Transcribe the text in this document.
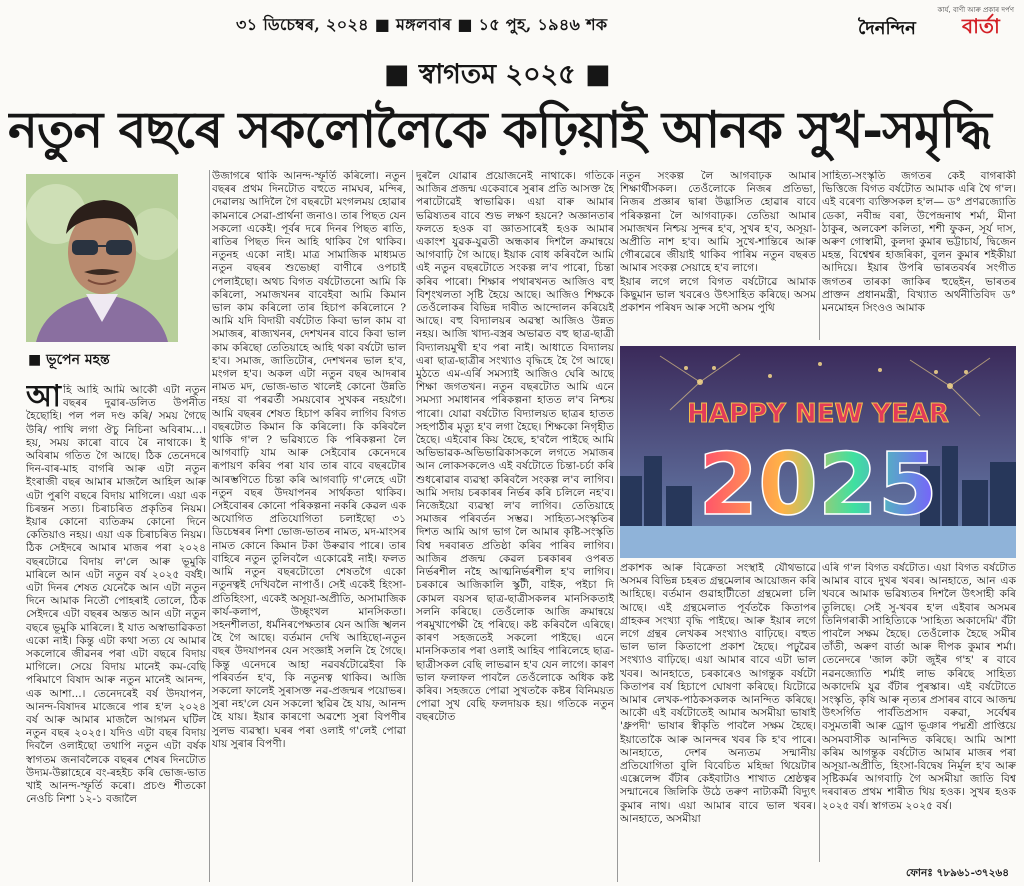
৩১ ডিচেম্বৰ, ২০২৪ ■ মঙ্গলবাৰ ■ ১৫ পুহ, ১৯৪৬ শক
কাৰ্য, বাণী আৰু প্ৰকাৰ দৰ্পণ
দৈনন্দিন বাৰ্তা
■ স্বাগতম ২০২৫ ■
নতুন বছৰে সকলোলৈকে কঢ়িয়াই আনক সুখ-সমৃদ্ধি
■ ভূপেন মহন্ত
আ হি আহি আমি আকৌ এটা নতুন বছৰৰ দুৱাৰ-ডলিত উপনীত হৈছোহি। পল পল দণ্ড কৰি/ সময় গৈছে উৰি/ পাখি লগা ঔচু নিচিনা অবিৰাম...। হয়, সময় কাৰো বাবে ৰৈ নাথাকে। ই অবিৰাম গতিত গৈ আছে। ঠিক তেনেদৰে দিন-বাৰ-মাহ বাগৰি আৰু এটা নতুন ইংৰাজী বছৰ আমাৰ মাজলৈ আহিল আৰু এটা পুৰণি বছৰে বিদায় মাগিলে। এয়া এক চিৰন্তন সত্য। চিৰাচৰিত প্ৰকৃতিৰ নিয়ম। ইয়াৰ কোনো ব্যতিক্ৰম কোনো দিনে কেতিয়াও নহয়। এয়া এক চিৰাচৰিত নিয়ম। ঠিক সেইদৰে আমাৰ মাজৰ পৰা ২০২৪ বছৰটোৱে বিদায় ল'লে আৰু ভূমুকি মাৰিলে আন এটা নতুন বৰ্ষ ২০২৫ বৰ্ষই। এটা দিনৰ শেষত যেনেকৈ আন এটা নতুন দিনে আমাক নিতৌ পোহৰাই তোলে, ঠিক সেইদৰে এটা বছৰৰ অন্তত আন এটা নতুন বছৰে ভূমুকি মাৰিলে। ই যাত অস্বাভাৱিকতা একো নাই। কিন্তু এটা কথা সত্য যে আমাৰ সকলোৰে জীৱনৰ পৰা এটা বছৰে বিদায় মাগিলে। সেয়ে বিদায় মানেই কম-বেছি পৰিমাণে বিষাদ আৰু নতুন মানেই আনন্দ, এক আশা...। তেনেদৰেই বৰ্ষ উদযাপন, আনন্দ-বিষাদৰ মাজেৰে পাৰ হ'ল ২০২৪ বৰ্ষ আৰু আমাৰ মাজলৈ আগমন ঘটিল নতুন বছৰ ২০২৫। যদিও এটা বছৰ বিদায় দিবলৈ ওলাইছো তথাপি নতুন এটা বৰ্ষক স্বাগতম জনাবলৈকে বছৰৰ শেষৰ দিনটোত উদ্যম-উল্লাহেৰে বং-ৰহইচ কৰি ভোজ-ভাত খাই আনন্দ-স্ফূৰ্তি কৰো। প্ৰচণ্ড শীতকো নেওচি নিশা ১২-১ বজালৈ
উজাগৰে থাকি আনন্দ-স্ফূৰ্তি কৰিলো। নতুন বছৰৰ প্ৰথম দিনটোত বহুতে নামঘৰ, মন্দিৰ, দেৱালয় আদিলৈ গৈ বছৰটো মংগলময় হোৱাৰ কামনাৰে সেৱা-প্ৰাৰ্থনা জনাও। তাৰ পিছত যেন সকলো একেই। পূৰ্বৰ দৰে দিনৰ পিছত ৰাতি, ৰাতিৰ পিছত দিন আহি থাকিব গৈ থাকিব। নতুনহ একো নাই। মাত্ৰ সামাজিক মাধ্যমত নতুন বছৰৰ শুভেচ্ছা বাণীৰে ওপচাই পেলাইছো। অথচ বিগত বৰ্ষটোতনো আমি কি কৰিলো, সমাজখনৰ বাবেইবা আমি কিমান ভাল কাম কৰিলো তাৰ হিচাপ কৰিলোনে ? আমি যদি বিদায়ী বৰ্ষটোত কিবা ভাল কাম বা সমাজৰ, ৰাজ্যখনৰ, দেশখনৰ বাবে কিবা ভাল কাম কৰিছো তেতিয়াহে আহি থকা বৰ্ষটো ভাল হ'ব। সমাজ, জাতিটোৰ, দেশখনৰ ভাল হ'ব, মংগল হ'ব। অকল এটা নতুন বছৰ আদৰাৰ নামত মদ, ভোজ-ভাত খালেই কোনো উন্নতি নহয় বা পৰৱৰ্তী সময়বোৰ সুখকৰ নহয়গৈ। আমি বছৰৰ শেষত হিচাপ কৰিব লাগিব বিগত বছৰটোত কিমান কি কৰিলো। কি কৰিবলৈ থাকি গ'ল ? ভৱিষ্যতে কি পৰিকল্পনা লৈ আগবাঢ়ি যাম আৰু সেইবোৰ কেনেদৰে ৰূপায়ণ কৰিব পৰা যাব তাৰ বাবে বছৰটোৰ আৰম্ভণিতে চিন্তা কৰি আগবাঢ়ি গ'লেহে এটা নতুন বছৰ উদযাপনৰ সাৰ্থকতা থাকিব। সেইবোৰৰ কোনো পৰিকল্পনা নকৰি কেৱল এক অযোগিত প্ৰতিযোগিতা চলাইছো ৩১ ডিচেম্বৰৰ নিশা ভোজ-ভাতৰ নামত, মদ-মাংসৰ নামত কোনে কিমান টকা উৰুৱাব পাৰে। তাৰ বাহিৰে নতুন তুলিবলৈ একোৱেই নাই। ফলত আমি নতুন বছৰটোতো শেষতগৈ একো নতুনত্বই দেখিবলৈ নাপাওঁ। সেই একেই হিংসা-প্ৰতিহিংসা, একেই অসূয়া-অপ্ৰীতি, অসামাজিক কাৰ্য-কলাপ, উচ্ছৃংখল মানসিকতা। সহনশীলতা, ধৰ্মনিৰপেক্ষতাৰ যেন আজি স্খলন হৈ গৈ আছে। বৰ্তমান দেখি আহিছো-নতুন বছৰ উদযাপনৰ যেন সংজ্ঞাই সলনি হৈ গৈছে। কিন্তু এনেদৰে আহা নৱবৰ্ষটোৱেইবা কি পৰিবৰ্তন হ'ব, কি নতুনত্ব থাকিব। আজি সকলো ফালেই সুৰাসক্ত নৱ-প্ৰজন্মৰ পয়োভৰ। সুৰা নহ'লে যেন সকলো স্থৱিৰ হৈ যায়, আনন্দ হৈ যায়। ইয়াৰ কাৰণো অৱশ্যে সুৰা বিপণীৰ সুলভ ব্যৱস্থা। ঘৰৰ পৰা ওলাই গ'লেই পোৱা যায় সুৰাৰ বিপণী।
দুৰলৈ যোৱাৰ প্ৰয়োজনেই নাথাকে। গতিকে আজিৰ প্ৰজন্ম একেবাৰে সুৰাৰ প্ৰতি আসক্ত হৈ পৰাটোৱেই স্বাভাৱিক। এয়া বাৰু আমাৰ ভৱিষ্যতৰ বাবে শুভ লক্ষণ হয়নে? অজ্ঞানতাৰ ফলতে হওক বা জ্ঞাতসাৰেই হওক আমাৰ একাংশ যুৱক-যুৱতী অন্ধকাৰ দিশলৈ ক্ৰমান্বয়ে আগবাঢ়ি গৈ আছে। ইয়াক বোধ কৰিবলৈ আমি এই নতুন বছৰটোতে সংকল্প ল'ব পাৰো, চিন্তা কৰিব পাৰো। শিক্ষাৰ পথাৰখনত আজিও বহু বিশৃংখলতা সৃষ্টি হৈয়ে আছে। আজিও শিক্ষকে তেওঁলোকৰ বিভিন্ন দাবীত আন্দোলন কৰিয়েই আছে। বহু বিদ্যালয়ৰ অৱস্থা আজিও উন্নত নহয়। আজি খাদ্য-বস্ত্ৰৰ অভাৱত বহু ছাত্ৰ-ছাত্ৰী বিদ্যালয়মুখী হ'ব পৰা নাই। আধাতে বিদ্যালয় এৰা ছাত্ৰ-ছাত্ৰীৰ সংখ্যাও বৃদ্ধিহে হৈ গৈ আছে। মুঠতে এম-এৰ্ৰি সমস্যাই আজিও ঘেৰি আছে শিক্ষা জগতখন। নতুন বছৰটোত আমি এনে সমস্যা সমাধানৰ পৰিকল্পনা হাতত ল'ব নিশ্চয় পাৰো। যোৱা বৰ্ষটোত বিদ্যালয়ত ছাত্ৰৰ হাতত সহপাঠীৰ মৃত্যু হ'ব লগা হৈছে। শিক্ষকো নিগৃহীত হৈছে। এইবোৰ কিয় হৈছে, হ'বলৈ পাইছে আমি অভিভাৱক-অভিভাৱিকাসকলে লগতে সমাজৰ আন লোকসকলেও এই বৰ্ষটোতে চিন্তা-চৰ্চা কৰি শুধৰোৱাৰ ব্যৱস্থা কৰিবলৈ সংকল্প ল'ব লাগিব। আমি সদায় চৰকাৰৰ নিৰ্ভৰ কৰি চলিলে নহ'ব। নিজেইয়ো ব্যৱস্থা ল'ব লাগিব। তেতিয়াহে সমাজৰ পৰিবৰ্তন সম্ভৱ। সাহিত্য-সংস্কৃতিৰ দিশত আমি আগ ভাগ লৈ আমাৰ কৃষ্টি-সংস্কৃতি বিশ্ব দৰবাৰত প্ৰতিষ্ঠা কৰিব পাৰিব লাগিব। আজিৰ প্ৰজন্ম কেৱল চৰকাৰৰ ওপৰত নিৰ্ভৰশীল নহৈ আত্মনিৰ্ভৰশীল হ'ব লাগিব। চৰকাৰে আজিকালি স্কুটী, বাইক, পইচা দি কোমল বয়সৰ ছাত্ৰ-ছাত্ৰীসকলৰ মানসিকতাই সলনি কৰিছে। তেওঁলোক আজি ক্ৰমান্বয়ে পৰমুখাপেক্ষী হৈ পৰিছে। কষ্ট কৰিবলৈ এৰিছে। কাৰণ সহজতেই সকলো পাইছে। এনে মানসিকতাৰ পৰা ওলাই আহিব পাৰিলেহে ছাত্ৰ-ছাত্ৰীসকল বেছি লাভৱান হ'ব যেন লাগে। কাৰণ ভাল ফলাফল পাবলৈ তেওঁলোকে অধিক কষ্ট কৰিব। সহজতে পোৱা সুখতকৈ কষ্টৰ বিনিময়ত পোৱা সুখ বেছি ফলদায়ক হয়। গতিকে নতুন বছৰটোত
নতুন সংকল্প লৈ আগবাঢ়ক আমাৰ শিক্ষাৰ্থীসকল। তেওঁলোকে নিজৰ প্ৰতিভা, নিজৰ প্ৰজ্ঞাৰ দ্বাৰা উদ্ভাসিত হোৱাৰ বাবে পৰিকল্পনা লৈ আগবাঢ়ক। তেতিয়া আমাৰ সমাজখন নিশ্চয় সুন্দৰ হ'ব, সুখৰ হ'ব, অসূয়া-অপ্ৰীতি নাশ হ'ব। আমি সুখে-শান্তিৰে আৰু গৌৰৱেৰে জীয়াই থাকিব পাৰিম নতুন বছৰত আমাৰ সংকল্প সেয়াহে হ'ব লাগে।
ইয়াৰ লগে লগে বিগত বৰ্ষটোৱে আমাক কিছুমান ভাল খবৰেও উৎসাহিত কৰিছে। অসম প্ৰকাশন পৰিষদ আৰু সদৌ অসম পুথি
সাহিত্য-সংস্কৃতি জগতৰ কেই বাগৰাকী ভিত্তিজে বিগত বৰ্ষটোত আমাক এৰি থৈ গ'ল। এই বৰেণ্য ব্যক্তিসকল হ'ল— ড° প্ৰণৱজ্যোতি ডেকা, নবীন্দ্ৰ বৰা, উপেন্দ্ৰনাথ শৰ্মা, মীনা ঠাকুৰ, অলকেশ কলিতা, শশী ফুকন, সূৰ্য দাস, অৰুণ গোস্বামী, কুলদা কুমাৰ ভট্টাচাৰ্য, দ্বিজেন মহন্ত, বিশ্বেশ্বৰ হাজৰিকা, বুলন কুমাৰ শইকীয়া আদিয়ে। ইয়াৰ উপৰি ভাৰতবৰ্ষৰ সংগীত জগতৰ তাৰকা জাকিৰ হুছেইন, ভাৰতৰ প্ৰাক্তন প্ৰধানমন্ত্ৰী, বিখ্যাত অৰ্থনীতিবিদ ড° মনমোহন সিংওও আমাক
HAPPY NEW YEAR
2025
প্ৰকাশক আৰু বিক্ৰেতা সংস্থাই যৌথভাৱে অসমৰ বিভিন্ন চহৰত গ্ৰন্থমেলাৰ আয়োজন কৰি আহিছে। বৰ্তমান গুৱাহাটীতো গ্ৰন্থমেলা চলি আছে। এই গ্ৰন্থমেলাত পূৰ্বতকৈ কিতাপৰ গ্ৰাহকৰ সংখ্যা বৃদ্ধি পাইছে। আৰু ইয়াৰ লগে লগে গ্ৰন্থৰ লেখকৰ সংখ্যাও বাঢ়িছে। বহুত ভাল ভাল কিতাপো প্ৰকাশ হৈছে। পঢ়ুৱৈৰ সংখ্যাও বাঢ়িছে। এয়া আমাৰ বাবে এটা ভাল খবৰ। আনহাতে, চৰকাৰেও আগন্তুক বৰ্ষটো কিতাপৰ বৰ্ষ হিচাপে ঘোষণা কৰিছে। যিটোৱে আমাৰ লেখক-পাঠকসকলক আনন্দিত কৰিছে। আকৌ এই বৰ্ষটোতেই আমাৰ অসমীয়া ভাষাই 'ধ্ৰুপদী' ভাষাৰ স্বীকৃতি পাবলৈ সক্ষম হৈছে। ইয়াতোকৈ আৰু আনন্দৰ খবৰ কি হ'ব পাৰে। আনহাতে, দেশৰ অন্যতম সন্মানীয় প্ৰতিযোগিতা বুলি বিবেচিত মহিন্দ্ৰা থিয়েটাৰ এক্সেলেন্স বঁটাৰ কেইবাটাও শাখাত শ্ৰেষ্ঠত্বৰ সন্মানেৰে জিলিকি উঠে তৰুণ নাট্যকৰ্মী বিদ্যুৎ কুমাৰ নাথ। এয়া আমাৰ বাবে ভাল খবৰ। আনহাতে, অসমীয়া
এৰি গ'ল বিগত বৰ্ষটোত। এয়া বিগত বৰ্ষটোত আমাৰ বাবে দুখৰ খবৰ। আনহাতে, আন এক খবৰে আমাক ভৱিষ্যতৰ দিশলৈ উৎসাহী কৰি তুলিছে। সেই সু-খবৰ হ'ল এইবাৰ অসমৰ তিনিগৰাকী সাহিত্যিকে 'সাহিত্য অকাদেমি' বঁটা পাবলৈ সক্ষম হৈছে। তেওঁলোক হৈছে সমীৰ তাঁতী, অৰুণ বাৰ্তা আৰু দীপক কুমাৰ শৰ্মা। তেনেদৰে 'জাল কটা জুইৰ গ'হ' ৰ বাবে নৱনজ্যোতি শৰ্মাই লাভ কৰিছে সাহিত্য অকাদেমি যুৱ বঁটাৰ পুৰস্কাৰ। এই বৰ্ষটোতে সংস্কৃতি, কৃষি আৰু নৃত্যৰ প্ৰসাৰৰ বাবে আজন্ম উৎসৰ্গিত পাৰ্বতিপ্ৰসাদ বৰুৱা, সৰ্বেশ্বৰ বসুমতাৰী আৰু ড্ৰোণ ভূঞাৰ পদ্মশ্ৰী প্ৰাপ্তিয়ে অসমবাসীক আনন্দিত কৰিছে। আমি আশা কৰিম আগন্তুক বৰ্ষটোত আমাৰ মাজৰ পৰা অসূয়া-অপ্ৰীতি, হিংসা-বিদ্বেষ নিৰ্মূল হ'ব আৰু সৃষ্টিকৰ্মৰ আগবাঢ়ি গৈ অসমীয়া জাতি বিশ্ব দৰবাৰত প্ৰথম শাৰীত থিয় হওক। সুখৰ হওক ২০২৫ বৰ্ষ। স্বাগতম ২০২৫ বৰ্ষ।
ফোনঃ ৭৮৯৬১-৩৭২৬৪
